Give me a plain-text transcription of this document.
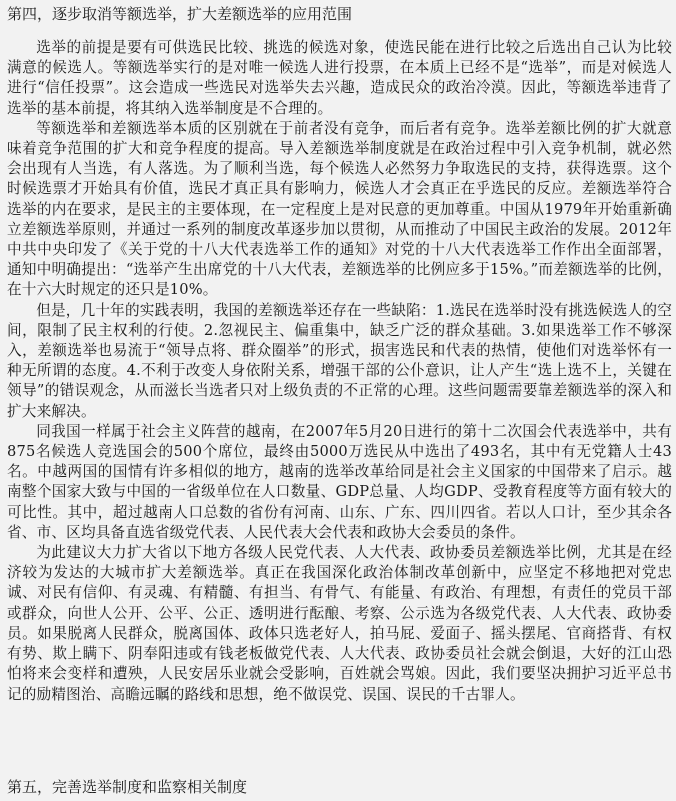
第四，逐步取消等额选举，扩大差额选举的应用范围

选举的前提是要有可供选民比较、挑选的候选对象，使选民能在进行比较之后选出自己认为比较满意的候选人。等额选举实行的是对唯一候选人进行投票，在本质上已经不是“选举”，而是对候选人进行“信任投票”。这会造成一些选民对选举失去兴趣，造成民众的政治冷漠。因此，等额选举违背了选举的基本前提，将其纳入选举制度是不合理的。

等额选举和差额选举本质的区别就在于前者没有竞争，而后者有竞争。选举差额比例的扩大就意味着竞争范围的扩大和竞争程度的提高。导入差额选举制度就是在政治过程中引入竞争机制，就必然会出现有人当选，有人落选。为了顺利当选，每个候选人必然努力争取选民的支持，获得选票。这个时候选票才开始具有价值，选民才真正具有影响力，候选人才会真正在乎选民的反应。差额选举符合选举的内在要求，是民主的主要体现，在一定程度上是对民意的更加尊重。中国从1979年开始重新确立差额选举原则，并通过一系列的制度改革逐步加以贯彻，从而推动了中国民主政治的发展。2012年中共中央印发了《关于党的十八大代表选举工作的通知》对党的十八大代表选举工作作出全面部署，通知中明确提出：“选举产生出席党的十八大代表，差额选举的比例应多于15%。”而差额选举的比例，在十六大时规定的还只是10%。

但是，几十年的实践表明，我国的差额选举还存在一些缺陷：1.选民在选举时没有挑选候选人的空间，限制了民主权利的行使。2.忽视民主、偏重集中，缺乏广泛的群众基础。3.如果选举工作不够深入，差额选举也易流于“领导点将、群众圈举”的形式，损害选民和代表的热情，使他们对选举怀有一种无所谓的态度。4.不利于改变人身依附关系，增强干部的公仆意识，让人产生“选上选不上，关键在领导”的错误观念，从而滋长当选者只对上级负责的不正常的心理。这些问题需要靠差额选举的深入和扩大来解决。

同我国一样属于社会主义阵营的越南，在2007年5月20日进行的第十二次国会代表选举中，共有875名候选人竞选国会的500个席位，最终由5000万选民从中选出了493名，其中有无党籍人士43名。中越两国的国情有许多相似的地方，越南的选举改革给同是社会主义国家的中国带来了启示。越南整个国家大致与中国的一省级单位在人口数量、GDP总量、人均GDP、受教育程度等方面有较大的可比性。其中，超过越南人口总数的省份有河南、山东、广东、四川四省。若以人口计，至少其余各省、市、区均具备直选省级党代表、人民代表大会代表和政协大会委员的条件。

为此建议大力扩大省以下地方各级人民党代表、人大代表、政协委员差额选举比例，尤其是在经济较为发达的大城市扩大差额选举。真正在我国深化政治体制改革创新中，应坚定不移地把对党忠诚、对民有信仰、有灵魂、有精髓、有担当、有骨气、有能量、有政治、有理想，有责任的党员干部或群众，向世人公开、公平、公正、透明进行酝酿、考察、公示选为各级党代表、人大代表、政协委员。如果脱离人民群众，脱离国体、政体只选老好人，拍马屁、爱面子、摇头摆尾、官商搭背、有权有势、欺上瞒下、阴奉阳违或有钱老板做党代表、人大代表、政协委员社会就会倒退，大好的江山恐怕将来会变样和遭殃，人民安居乐业就会受影响，百姓就会骂娘。因此，我们要坚决拥护习近平总书记的励精图治、高瞻远瞩的路线和思想，绝不做误党、误国、误民的千古罪人。

第五，完善选举制度和监察相关制度
